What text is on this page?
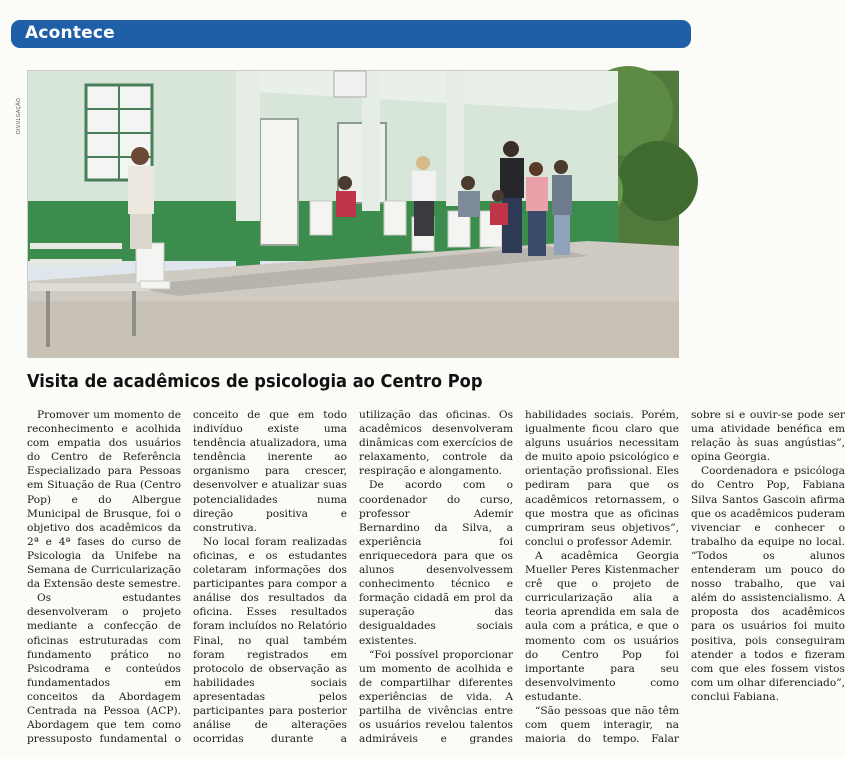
Acontece
DIVULGAÇÃO
Visita de acadêmicos de psicologia ao Centro Pop

Promover um momento de reconhecimento e acolhida com empatia dos usuários do Centro de Referência Especializado para Pessoas em Situação de Rua (Centro Pop) e do Albergue Municipal de Brusque, foi o objetivo dos acadêmicos da 2ª e 4ª fases do curso de Psicologia da Unifebe na Semana de Curricularização da Extensão deste semestre.

Os estudantes desenvolveram o projeto mediante a confecção de oficinas estruturadas com fundamento prático no Psicodrama e conteúdos fundamentados em conceitos da Abordagem Centrada na Pessoa (ACP). Abordagem que tem como pressuposto fundamental o conceito de que em todo indivíduo existe uma tendência atualizadora, uma tendência inerente ao organismo para crescer, desenvolver e atualizar suas potencialidades numa direção positiva e construtiva.

No local foram realizadas oficinas, e os estudantes coletaram informações dos participantes para compor a análise dos resultados da oficina. Esses resultados foram incluídos no Relatório Final, no qual também foram registrados em protocolo de observação as habilidades sociais apresentadas pelos participantes para posterior análise de alterações ocorridas durante a utilização das oficinas. Os acadêmicos desenvolveram dinâmicas com exercícios de relaxamento, controle da respiração e alongamento.

De acordo com o coordenador do curso, professor Ademir Bernardino da Silva, a experiência foi enriquecedora para que os alunos desenvolvessem conhecimento técnico e formação cidadã em prol da superação das desigualdades sociais existentes.

“Foi possível proporcionar um momento de acolhida e de compartilhar diferentes experiências de vida. A partilha de vivências entre os usuários revelou talentos admiráveis e grandes habilidades sociais. Porém, igualmente ficou claro que alguns usuários necessitam de muito apoio psicológico e orientação profissional. Eles pediram para que os acadêmicos retornassem, o que mostra que as oficinas cumpriram seus objetivos”, conclui o professor Ademir.

A acadêmica Georgia Mueller Peres Kistenmacher crê que o projeto de curricularização alia a teoria aprendida em sala de aula com a prática, e que o momento com os usuários do Centro Pop foi importante para seu desenvolvimento como estudante.

“São pessoas que não têm com quem interagir, na maioria do tempo. Falar sobre si e ouvir-se pode ser uma atividade benéfica em relação às suas angústias”, opina Georgia.

Coordenadora e psicóloga do Centro Pop, Fabiana Silva Santos Gascoin afirma que os acadêmicos puderam vivenciar e conhecer o trabalho da equipe no local. “Todos os alunos entenderam um pouco do nosso trabalho, que vai além do assistencialismo. A proposta dos acadêmicos para os usuários foi muito positiva, pois conseguiram atender a todos e fizeram com que eles fossem vistos com um olhar diferenciado”, conclui Fabiana.
